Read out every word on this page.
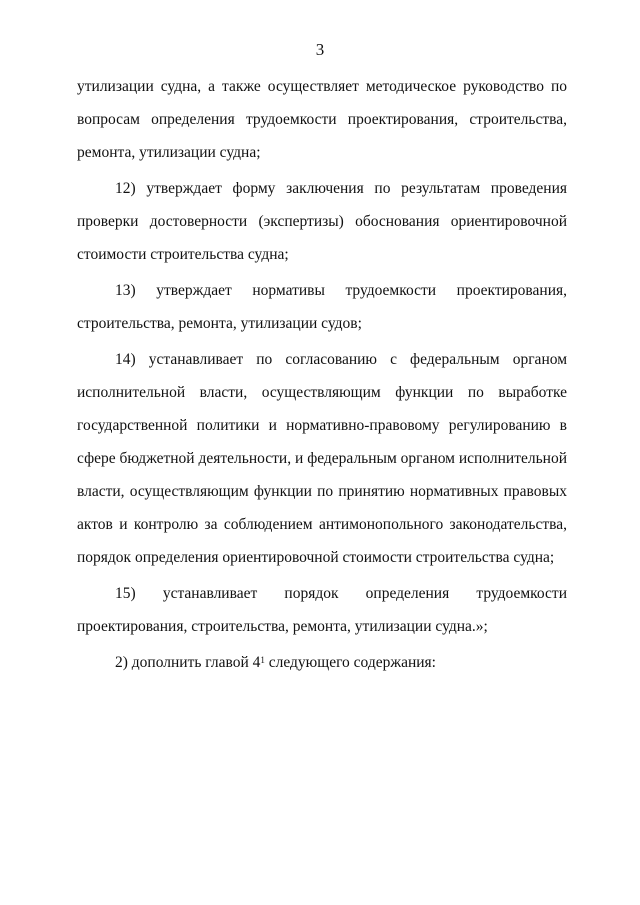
3

утилизации судна, а также осуществляет методическое руководство по вопросам определения трудоемкости проектирования, строительства, ремонта, утилизации судна;

12) утверждает форму заключения по результатам проведения проверки достоверности (экспертизы) обоснования ориентировочной стоимости строительства судна;

13) утверждает нормативы трудоемкости проектирования, строительства, ремонта, утилизации судов;

14) устанавливает по согласованию с федеральным органом исполнительной власти, осуществляющим функции по выработке государственной политики и нормативно-правовому регулированию в сфере бюджетной деятельности, и федеральным органом исполнительной власти, осуществляющим функции по принятию нормативных правовых актов и контролю за соблюдением антимонопольного законодательства, порядок определения ориентировочной стоимости строительства судна;

15) устанавливает порядок определения трудоемкости проектирования, строительства, ремонта, утилизации судна.»;

2) дополнить главой $4^1$ следующего содержания:
